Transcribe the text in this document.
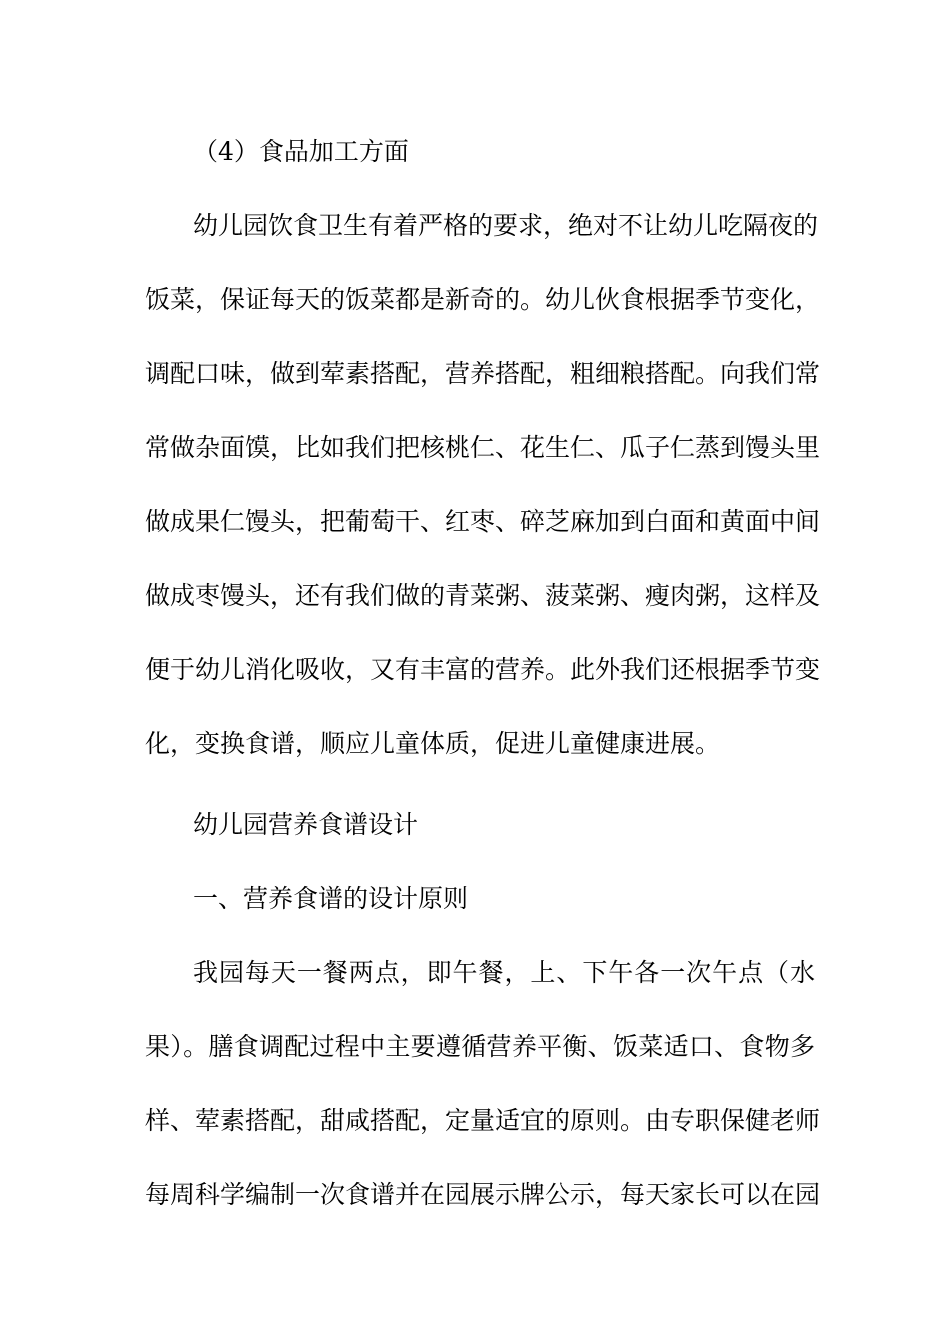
（4）食品加工方面
幼儿园饮食卫生有着严格的要求，绝对不让幼儿吃隔夜的
饭菜，保证每天的饭菜都是新奇的。幼儿伙食根据季节变化，
调配口味，做到荤素搭配，营养搭配，粗细粮搭配。向我们常
常做杂面馍，比如我们把核桃仁、花生仁、瓜子仁蒸到馒头里
做成果仁馒头，把葡萄干、红枣、碎芝麻加到白面和黄面中间
做成枣馒头，还有我们做的青菜粥、菠菜粥、瘦肉粥，这样及
便于幼儿消化吸收，又有丰富的营养。此外我们还根据季节变
化，变换食谱，顺应儿童体质，促进儿童健康进展。
幼儿园营养食谱设计
一、营养食谱的设计原则
我园每天一餐两点，即午餐，上、下午各一次午点（水
果）。膳食调配过程中主要遵循营养平衡、饭菜适口、食物多
样、荤素搭配，甜咸搭配，定量适宜的原则。由专职保健老师
每周科学编制一次食谱并在园展示牌公示，每天家长可以在园
